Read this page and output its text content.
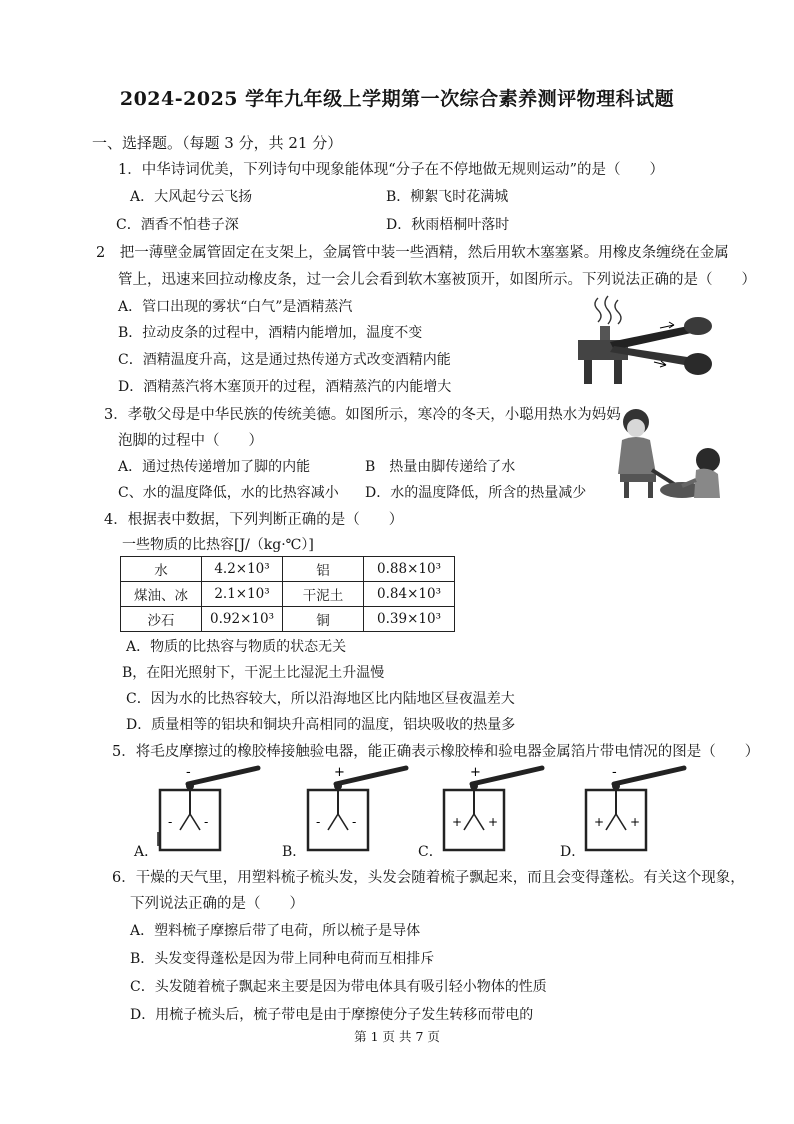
2024-2025 学年九年级上学期第一次综合素养测评物理科试题
一、选择题。（每题 3 分，共 21 分）
1．中华诗词优美，下列诗句中现象能体现“分子在不停地做无规则运动”的是（　　）
A．大风起兮云飞扬	B．柳絮飞时花满城
C．酒香不怕巷子深	D．秋雨梧桐叶落时
2　把一薄壁金属管固定在支架上，金属管中装一些酒精，然后用软木塞塞紧。用橡皮条缠绕在金属
管上，迅速来回拉动橡皮条，过一会儿会看到软木塞被顶开，如图所示。下列说法正确的是（　　）
A．管口出现的雾状“白气”是酒精蒸汽
B．拉动皮条的过程中，酒精内能增加，温度不变
C．酒精温度升高，这是通过热传递方式改变酒精内能
D．酒精蒸汽将木塞顶开的过程，酒精蒸汽的内能增大
3．孝敬父母是中华民族的传统美德。如图所示，寒冷的冬天，小聪用热水为妈妈
泡脚的过程中（　　）
A．通过热传递增加了脚的内能	B　热量由脚传递给了水
C、水的温度降低，水的比热容减小 D．水的温度降低，所含的热量减少
4．根据表中数据，下列判断正确的是（　　）
一些物质的比热容[J/（kg·℃）]
水	4.2×10³	铝	0.88×10³
煤油、冰	2.1×10³	干泥土	0.84×10³
沙石	0.92×10³	铜	0.39×10³
A．物质的比热容与物质的状态无关
B，在阳光照射下，干泥土比湿泥土升温慢
C．因为水的比热容较大，所以沿海地区比内陆地区昼夜温差大
D．质量相等的铝块和铜块升高相同的温度，铝块吸收的热量多
5．将毛皮摩擦过的橡胶棒接触验电器，能正确表示橡胶棒和验电器金属箔片带电情况的图是（　　）
A．	B．	C．	D．
-
-	-
+
-	-
+
+ +
-
+ +
6．干燥的天气里，用塑料梳子梳头发，头发会随着梳子飘起来，而且会变得蓬松。有关这个现象，
下列说法正确的是（　　）
A．塑料梳子摩擦后带了电荷，所以梳子是导体
B．头发变得蓬松是因为带上同种电荷而互相排斥
C．头发随着梳子飘起来主要是因为带电体具有吸引轻小物体的性质
D．用梳子梳头后，梳子带电是由于摩擦使分子发生转移而带电的
第 1 页 共 7 页
